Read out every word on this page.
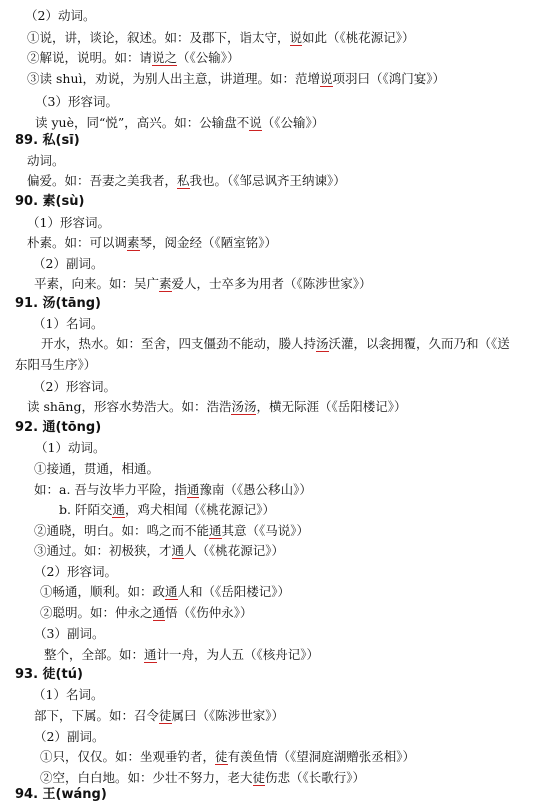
（2）动词。
①说，讲，谈论，叙述。如：及郡下，诣太守，说如此（《桃花源记》）
②解说，说明。如：请说之（《公输》）
③读 shuì，劝说，为别人出主意，讲道理。如：范增说项羽曰（《鸿门宴》）
（3）形容词。
读 yuè，同“悦”，高兴。如：公输盘不说（《公输》）
89. 私(sī)
动词。
偏爱。如：吾妻之美我者，私我也。（《邹忌讽齐王纳谏》）
90. 素(sù)
（1）形容词。
朴素。如：可以调素琴，阅金经（《陋室铭》）
（2）副词。
平素，向来。如：吴广素爱人，士卒多为用者（《陈涉世家》）
91. 汤(tāng)
（1）名词。
开水，热水。如：至舍，四支僵劲不能动，媵人持汤沃灌，以衾拥覆，久而乃和（《送
东阳马生序》）
（2）形容词。
读 shāng，形容水势浩大。如：浩浩汤汤，横无际涯（《岳阳楼记》）
92. 通(tōng)
（1）动词。
①接通，贯通，相通。
如：a. 吾与汝毕力平险，指通豫南（《愚公移山》）
b. 阡陌交通，鸡犬相闻（《桃花源记》）
②通晓，明白。如：鸣之而不能通其意（《马说》）
③通过。如：初极狭，才通人（《桃花源记》）
（2）形容词。
①畅通，顺利。如：政通人和（《岳阳楼记》）
②聪明。如：仲永之通悟（《伤仲永》）
（3）副词。
整个，全部。如：通计一舟，为人五（《核舟记》）
93. 徒(tú)
（1）名词。
部下，下属。如：召令徒属曰（《陈涉世家》）
（2）副词。
①只，仅仅。如：坐观垂钓者，徒有羡鱼情（《望洞庭湖赠张丞相》）
②空，白白地。如：少壮不努力，老大徒伤悲（《长歌行》）
94. 王(wáng)
